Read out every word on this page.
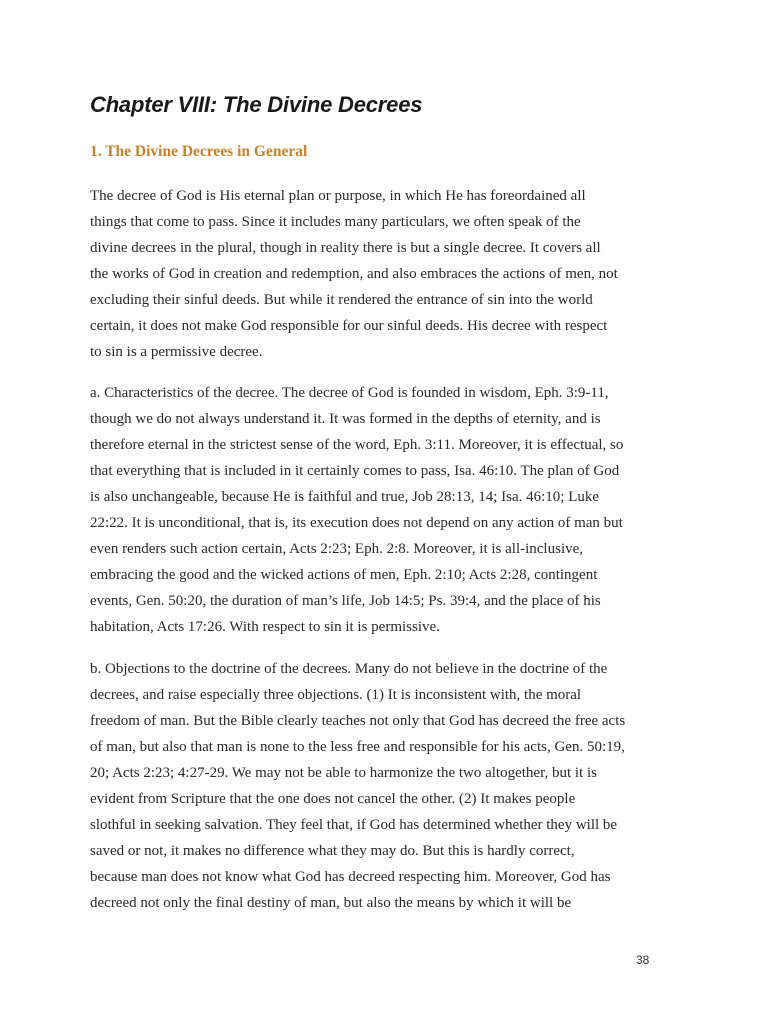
Chapter VIII: The Divine Decrees
1. The Divine Decrees in General
The decree of God is His eternal plan or purpose, in which He has foreordained all
things that come to pass. Since it includes many particulars, we often speak of the
divine decrees in the plural, though in reality there is but a single decree. It covers all
the works of God in creation and redemption, and also embraces the actions of men, not
excluding their sinful deeds. But while it rendered the entrance of sin into the world
certain, it does not make God responsible for our sinful deeds. His decree with respect
to sin is a permissive decree.
a. Characteristics of the decree. The decree of God is founded in wisdom, Eph. 3:9-11,
though we do not always understand it. It was formed in the depths of eternity, and is
therefore eternal in the strictest sense of the word, Eph. 3:11. Moreover, it is effectual, so
that everything that is included in it certainly comes to pass, Isa. 46:10. The plan of God
is also unchangeable, because He is faithful and true, Job 28:13, 14; Isa. 46:10; Luke
22:22. It is unconditional, that is, its execution does not depend on any action of man but
even renders such action certain, Acts 2:23; Eph. 2:8. Moreover, it is all-inclusive,
embracing the good and the wicked actions of men, Eph. 2:10; Acts 2:28, contingent
events, Gen. 50:20, the duration of man’s life, Job 14:5; Ps. 39:4, and the place of his
habitation, Acts 17:26. With respect to sin it is permissive.
b. Objections to the doctrine of the decrees. Many do not believe in the doctrine of the
decrees, and raise especially three objections. (1) It is inconsistent with, the moral
freedom of man. But the Bible clearly teaches not only that God has decreed the free acts
of man, but also that man is none to the less free and responsible for his acts, Gen. 50:19,
20; Acts 2:23; 4:27-29. We may not be able to harmonize the two altogether, but it is
evident from Scripture that the one does not cancel the other. (2) It makes people
slothful in seeking salvation. They feel that, if God has determined whether they will be
saved or not, it makes no difference what they may do. But this is hardly correct,
because man does not know what God has decreed respecting him. Moreover, God has
decreed not only the final destiny of man, but also the means by which it will be

38
